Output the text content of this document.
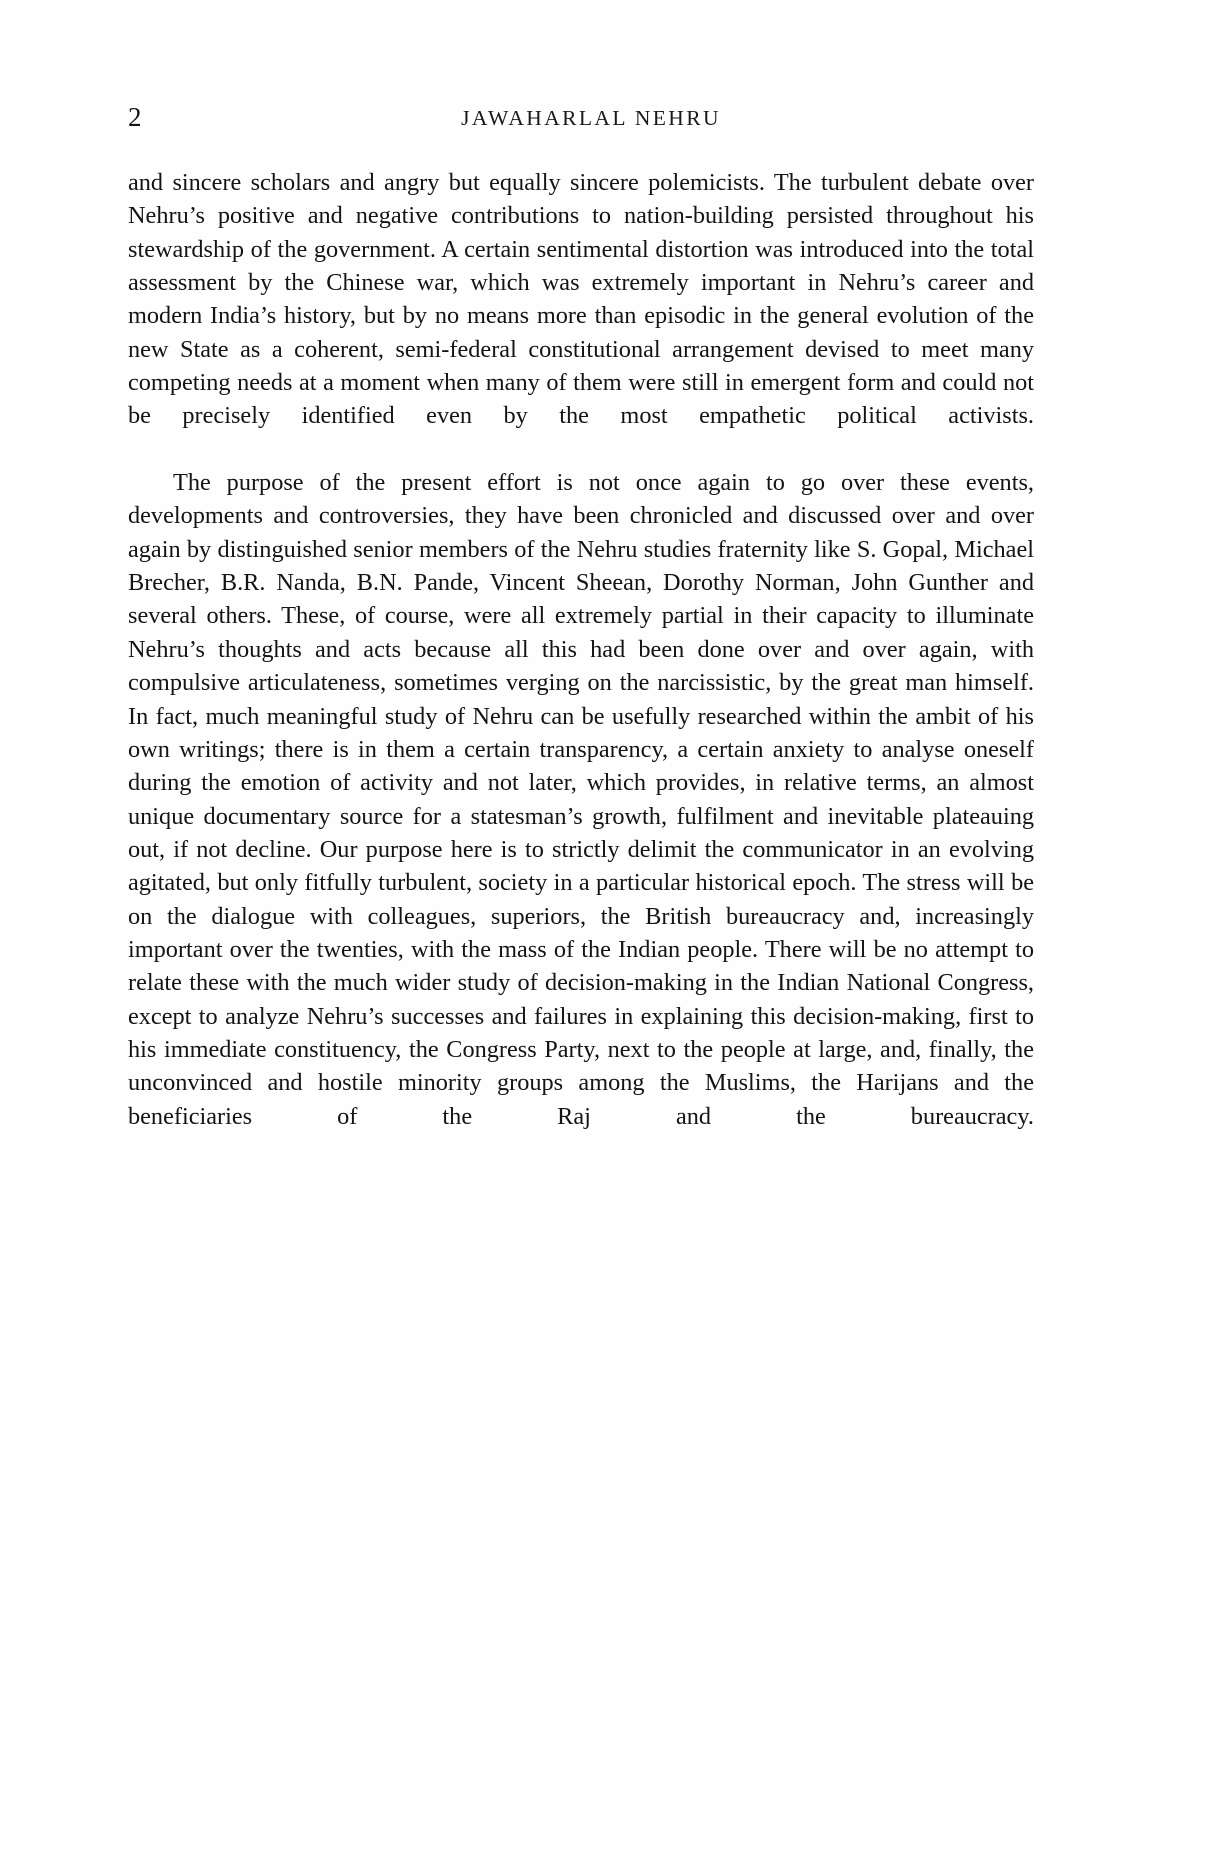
2	JAWAHARLAL NEHRU

and sincere scholars and angry but equally sincere polemicists. The turbulent debate over Nehru’s positive and negative contributions to nation-building persisted throughout his stewardship of the government. A certain sentimental distortion was introduced into the total assessment by the Chinese war, which was extremely important in Nehru’s career and modern India’s history, but by no means more than episodic in the general evolution of the new State as a coherent, semi-federal constitutional arrangement devised to meet many competing needs at a moment when many of them were still in emergent form and could not be precisely identified even by the most empathetic political activists.

The purpose of the present effort is not once again to go over these events, developments and controversies, they have been chronicled and discussed over and over again by distinguished senior members of the Nehru studies fraternity like S. Gopal, Michael Brecher, B.R. Nanda, B.N. Pande, Vincent Sheean, Dorothy Norman, John Gunther and several others. These, of course, were all extremely partial in their capacity to illuminate Nehru’s thoughts and acts because all this had been done over and over again, with compulsive articulateness, sometimes verging on the narcissistic, by the great man himself. In fact, much meaningful study of Nehru can be usefully researched within the ambit of his own writings; there is in them a certain transparency, a certain anxiety to analyse oneself during the emotion of activity and not later, which provides, in relative terms, an almost unique documentary source for a statesman’s growth, fulfilment and inevitable plateauing out, if not decline. Our purpose here is to strictly delimit the communicator in an evolving agitated, but only fitfully turbulent, society in a particular historical epoch. The stress will be on the dialogue with colleagues, superiors, the British bureaucracy and, increasingly important over the twenties, with the mass of the Indian people. There will be no attempt to relate these with the much wider study of decision-making in the Indian National Congress, except to analyze Nehru’s successes and failures in explaining this decision-making, first to his immediate constituency, the Congress Party, next to the people at large, and, finally, the unconvinced and hostile minority groups among the Muslims, the Harijans and the beneficiaries of the Raj and the bureaucracy.
